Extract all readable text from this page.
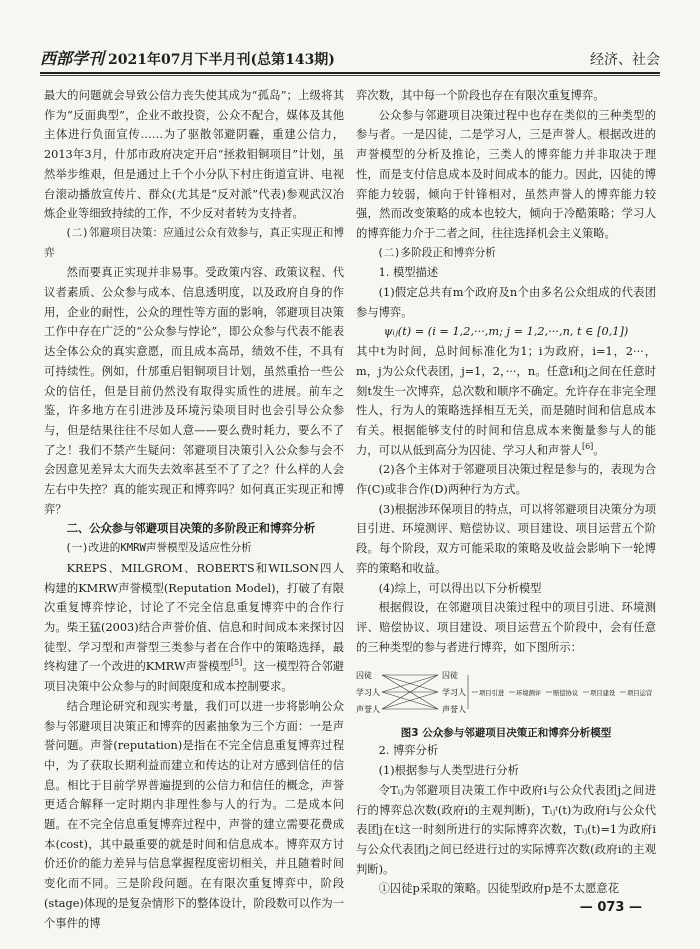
西部学刊 2021年07月下半月刊(总第143期)	经济、社会

最大的问题就会导致公信力丧失使其成为“孤岛”；上级将其作为“反面典型”，企业不敢投资，公众不配合，媒体及其他主体进行负面宣传……为了驱散邻避阴霾，重建公信力，2013年3月，什邡市政府决定开启“拯救钼铜项目”计划，虽然举步维艰，但是通过上千个小分队下村庄街道宣讲、电视台滚动播放宣传片、群众(尤其是“反对派”代表)参观武汉冶炼企业等细致持续的工作，不少反对者转为支持者。

(二)邻避项目决策：应通过公众有效参与，真正实现正和博弈

然而要真正实现并非易事。受政策内容、政策议程、代议者素质、公众参与成本、信息透明度，以及政府自身的作用，企业的耐性，公众的理性等方面的影响，邻避项目决策工作中存在广泛的“公众参与悖论”，即公众参与代表不能表达全体公众的真实意愿，而且成本高昂，绩效不佳，不具有可持续性。例如，什邡重启钼铜项目计划，虽然重拾一些公众的信任，但是目前仍然没有取得实质性的进展。前车之鉴，许多地方在引进涉及环境污染项目时也会引导公众参与，但是结果往往不尽如人意——要么费时耗力，要么不了了之！我们不禁产生疑问：邻避项目决策引入公众参与会不会因意见差异太大而失去效率甚至不了了之？什么样的人会左右中失控？真的能实现正和博弈吗？如何真正实现正和博弈？

二、公众参与邻避项目决策的多阶段正和博弈分析

(一)改进的KMRW声誉模型及适应性分析

KREPS、MILGROM、ROBERTS和WILSON四人构建的KMRW声誉模型(Reputation Model)，打破了有限次重复博弈悖论，讨论了不完全信息重复博弈中的合作行为。柴王猛(2003)结合声誉价值、信息和时间成本来探讨囚徒型、学习型和声誉型三类参与者在合作中的策略选择，最终构建了一个改进的KMRW声誉模型[5]。这一模型符合邻避项目决策中公众参与的时间限度和成本控制要求。

结合理论研究和现实考量，我们可以进一步将影响公众参与邻避项目决策正和博弈的因素抽象为三个方面：一是声誉问题。声誉(reputation)是指在不完全信息重复博弈过程中，为了获取长期利益而建立和传达的让对方感到信任的信息。相比于目前学界普遍提到的公信力和信任的概念，声誉更适合解释一定时期内非理性参与人的行为。二是成本问题。在不完全信息重复博弈过程中，声誉的建立需要花费成本(cost)，其中最重要的就是时间和信息成本。博弈双方讨价还价的能力差异与信息掌握程度密切相关，并且随着时间变化而不同。三是阶段问题。在有限次重复博弈中，阶段(stage)体现的是复杂情形下的整体设计，阶段数可以作为一个事件的博

弈次数，其中每一个阶段也存在有限次重复博弈。

公众参与邻避项目决策过程中也存在类似的三种类型的参与者。一是囚徒，二是学习人，三是声誉人。根据改进的声誉模型的分析及推论，三类人的博弈能力并非取决于理性，而是支付信息成本及时间成本的能力。因此，囚徒的博弈能力较弱，倾向于针锋相对，虽然声誉人的博弈能力较强，然而改变策略的成本也较大，倾向于冷酷策略；学习人的博弈能力介于二者之间，往往选择机会主义策略。

(二)多阶段正和博弈分析

1. 模型描述

(1)假定总共有m个政府及n个由多名公众组成的代表团参与博弈。

ψᵢⱼ(t) = (i = 1,2,···,m; j = 1,2,···,n, t ∈ [0,1])

其中t为时间，总时间标准化为1；i为政府，i=1，2···，m，j为公众代表团，j=1，2，···，n。任意i和j之间在任意时刻t发生一次博弈，总次数和顺序不确定。允许存在非完全理性人，行为人的策略选择相互无关，而是随时间和信息成本有关。根据能够支付的时间和信息成本来衡量参与人的能力，可以从低到高分为囚徒、学习人和声誉人[6]。

(2)各个主体对于邻避项目决策过程是参与的，表现为合作(C)或非合作(D)两种行为方式。

(3)根据涉环保项目的特点，可以将邻避项目决策分为项目引进、环境测评、赔偿协议、项目建设、项目运营五个阶段。每个阶段，双方可能采取的策略及收益会影响下一轮博弈的策略和收益。

(4)综上，可以得出以下分析模型

根据假设，在邻避项目决策过程中的项目引进、环境测评、赔偿协议、项目建设、项目运营五个阶段中，会有任意的三种类型的参与者进行博弈，如下图所示：

囚徒
学习人
声誉人
囚徒
学习人
声誉人
项目引进 环境测评 赔偿协议 项目建设 项目运营

图3 公众参与邻避项目决策正和博弈分析模型

2. 博弈分析

(1)根据参与人类型进行分析

令Tᵢⱼ为邻避项目决策工作中政府i与公众代表团j之间进行的博弈总次数(政府i的主观判断)，Tᵢⱼᵗ(t)为政府i与公众代表团j在t这一时刻所进行的实际博弈次数，Tᵢⱼ(t)=1为政府i与公众代表团j之间已经进行过的实际博弈次数(政府i的主观判断)。

①囚徒p采取的策略。囚徒型政府p是不太愿意花

— 073 —
